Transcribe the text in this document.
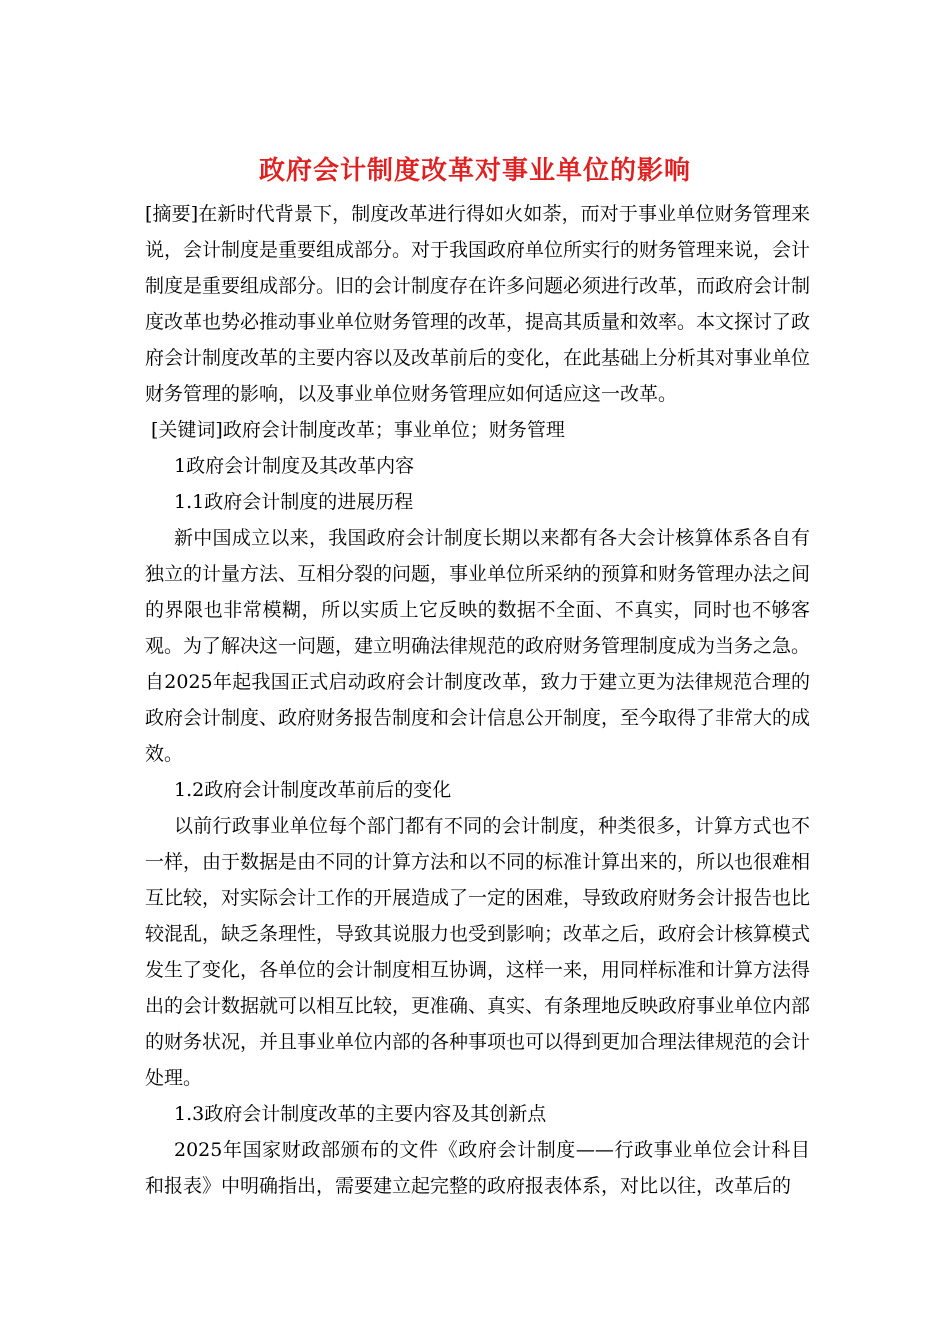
政府会计制度改革对事业单位的影响

[摘要]在新时代背景下，制度改革进行得如火如荼，而对于事业单位财务管理来说，会计制度是重要组成部分。对于我国政府单位所实行的财务管理来说，会计制度是重要组成部分。旧的会计制度存在许多问题必须进行改革，而政府会计制度改革也势必推动事业单位财务管理的改革，提高其质量和效率。本文探讨了政府会计制度改革的主要内容以及改革前后的变化，在此基础上分析其对事业单位财务管理的影响，以及事业单位财务管理应如何适应这一改革。

[关键词]政府会计制度改革；事业单位；财务管理

1政府会计制度及其改革内容

1.1政府会计制度的进展历程

新中国成立以来，我国政府会计制度长期以来都有各大会计核算体系各自有独立的计量方法、互相分裂的问题，事业单位所采纳的预算和财务管理办法之间的界限也非常模糊，所以实质上它反映的数据不全面、不真实，同时也不够客观。为了解决这一问题，建立明确法律规范的政府财务管理制度成为当务之急。自2025年起我国正式启动政府会计制度改革，致力于建立更为法律规范合理的政府会计制度、政府财务报告制度和会计信息公开制度，至今取得了非常大的成效。

1.2政府会计制度改革前后的变化

以前行政事业单位每个部门都有不同的会计制度，种类很多，计算方式也不一样，由于数据是由不同的计算方法和以不同的标准计算出来的，所以也很难相互比较，对实际会计工作的开展造成了一定的困难，导致政府财务会计报告也比较混乱，缺乏条理性，导致其说服力也受到影响；改革之后，政府会计核算模式发生了变化，各单位的会计制度相互协调，这样一来，用同样标准和计算方法得出的会计数据就可以相互比较，更准确、真实、有条理地反映政府事业单位内部的财务状况，并且事业单位内部的各种事项也可以得到更加合理法律规范的会计处理。

1.3政府会计制度改革的主要内容及其创新点

2025年国家财政部颁布的文件《政府会计制度——行政事业单位会计科目和报表》中明确指出，需要建立起完整的政府报表体系，对比以往，改革后的
